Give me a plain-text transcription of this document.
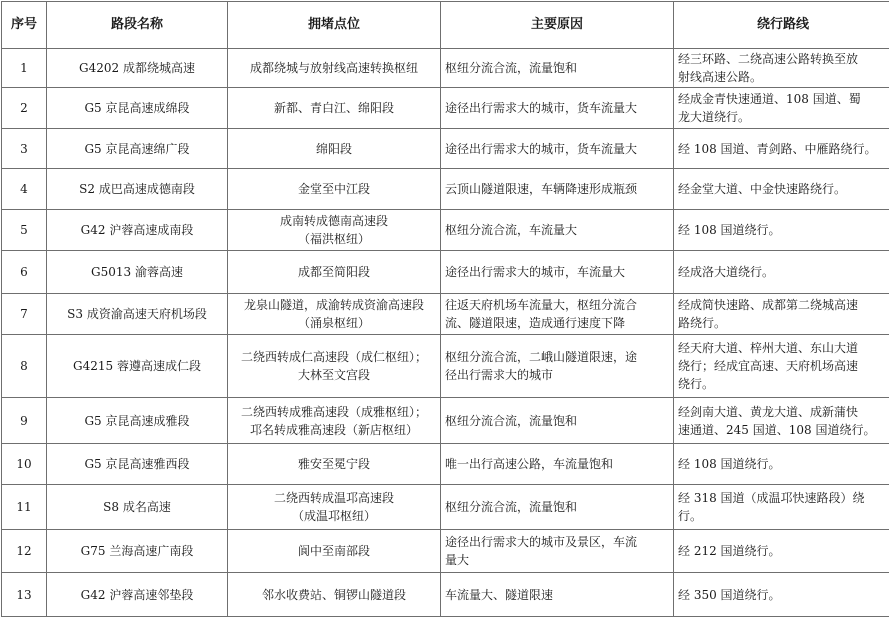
序号	路段名称	拥堵点位	主要原因	绕行路线
1	G4202 成都绕城高速	成都绕城与放射线高速转换枢纽	枢纽分流合流，流量饱和	经三环路、二绕高速公路转换至放
射线高速公路。

2	G5 京昆高速成绵段	新都、青白江、绵阳段	途径出行需求大的城市，货车流量大	经成金青快速通道、108 国道、蜀
龙大道绕行。

3	G5 京昆高速绵广段	绵阳段	途径出行需求大的城市，货车流量大	经 108 国道、青剑路、中雁路绕行。

4	S2 成巴高速成德南段	金堂至中江段	云顶山隧道限速，车辆降速形成瓶颈	经金堂大道、中金快速路绕行。

5	G42 沪蓉高速成南段	成南转成德南高速段
（福洪枢纽）	枢纽分流合流，车流量大	经 108 国道绕行。

6	G5013 渝蓉高速	成都至简阳段	途径出行需求大的城市，车流量大	经成洛大道绕行。

7	S3 成资渝高速天府机场段	龙泉山隧道，成渝转成资渝高速段
（涌泉枢纽）	往返天府机场车流量大，枢纽分流合
流、隧道限速，造成通行速度下降	经成简快速路、成都第二绕城高速
路绕行。

8	G4215 蓉遵高速成仁段	二绕西转成仁高速段（成仁枢纽）；
大林至文宫段	枢纽分流合流，二峨山隧道限速，途
径出行需求大的城市	经天府大道、梓州大道、东山大道
绕行；经成宜高速、天府机场高速
绕行。

9	G5 京昆高速成雅段	二绕西转成雅高速段（成雅枢纽）；
邛名转成雅高速段（新店枢纽）	枢纽分流合流，流量饱和	经剑南大道、黄龙大道、成新蒲快
速通道、245 国道、108 国道绕行。

10	G5 京昆高速雅西段	雅安至冕宁段	唯一出行高速公路，车流量饱和	经 108 国道绕行。

11	S8 成名高速	二绕西转成温邛高速段
（成温邛枢纽）	枢纽分流合流，流量饱和	经 318 国道（成温邛快速路段）绕
行。

12	G75 兰海高速广南段	阆中至南部段	途径出行需求大的城市及景区，车流
量大	经 212 国道绕行。

13	G42 沪蓉高速邻垫段	邻水收费站、铜锣山隧道段	车流量大、隧道限速	经 350 国道绕行。
